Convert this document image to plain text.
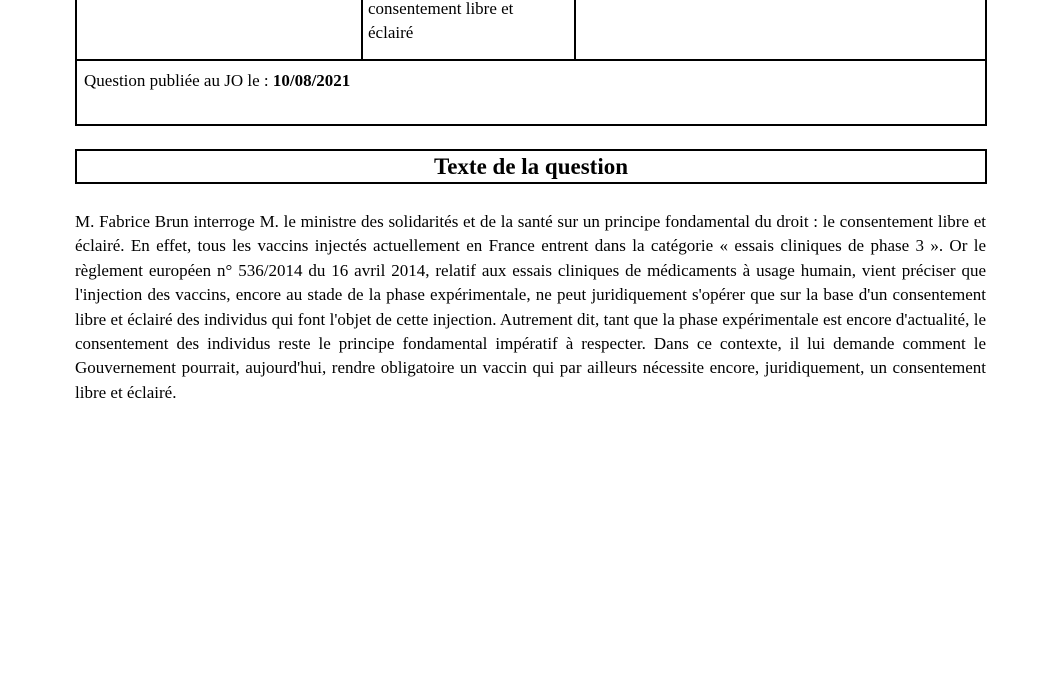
consentement libre et
éclairé
Question publiée au JO le : 10/08/2021
Texte de la question
M. Fabrice Brun interroge M. le ministre des solidarités et de la santé sur un principe fondamental du droit : le consentement libre et éclairé. En effet, tous les vaccins injectés actuellement en France entrent dans la catégorie « essais cliniques de phase 3 ». Or le règlement européen n° 536/2014 du 16 avril 2014, relatif aux essais cliniques de médicaments à usage humain, vient préciser que l'injection des vaccins, encore au stade de la phase expérimentale, ne peut juridiquement s'opérer que sur la base d'un consentement libre et éclairé des individus qui font l'objet de cette injection. Autrement dit, tant que la phase expérimentale est encore d'actualité, le consentement des individus reste le principe fondamental impératif à respecter. Dans ce contexte, il lui demande comment le Gouvernement pourrait, aujourd'hui, rendre obligatoire un vaccin qui par ailleurs nécessite encore, juridiquement, un consentement libre et éclairé.
